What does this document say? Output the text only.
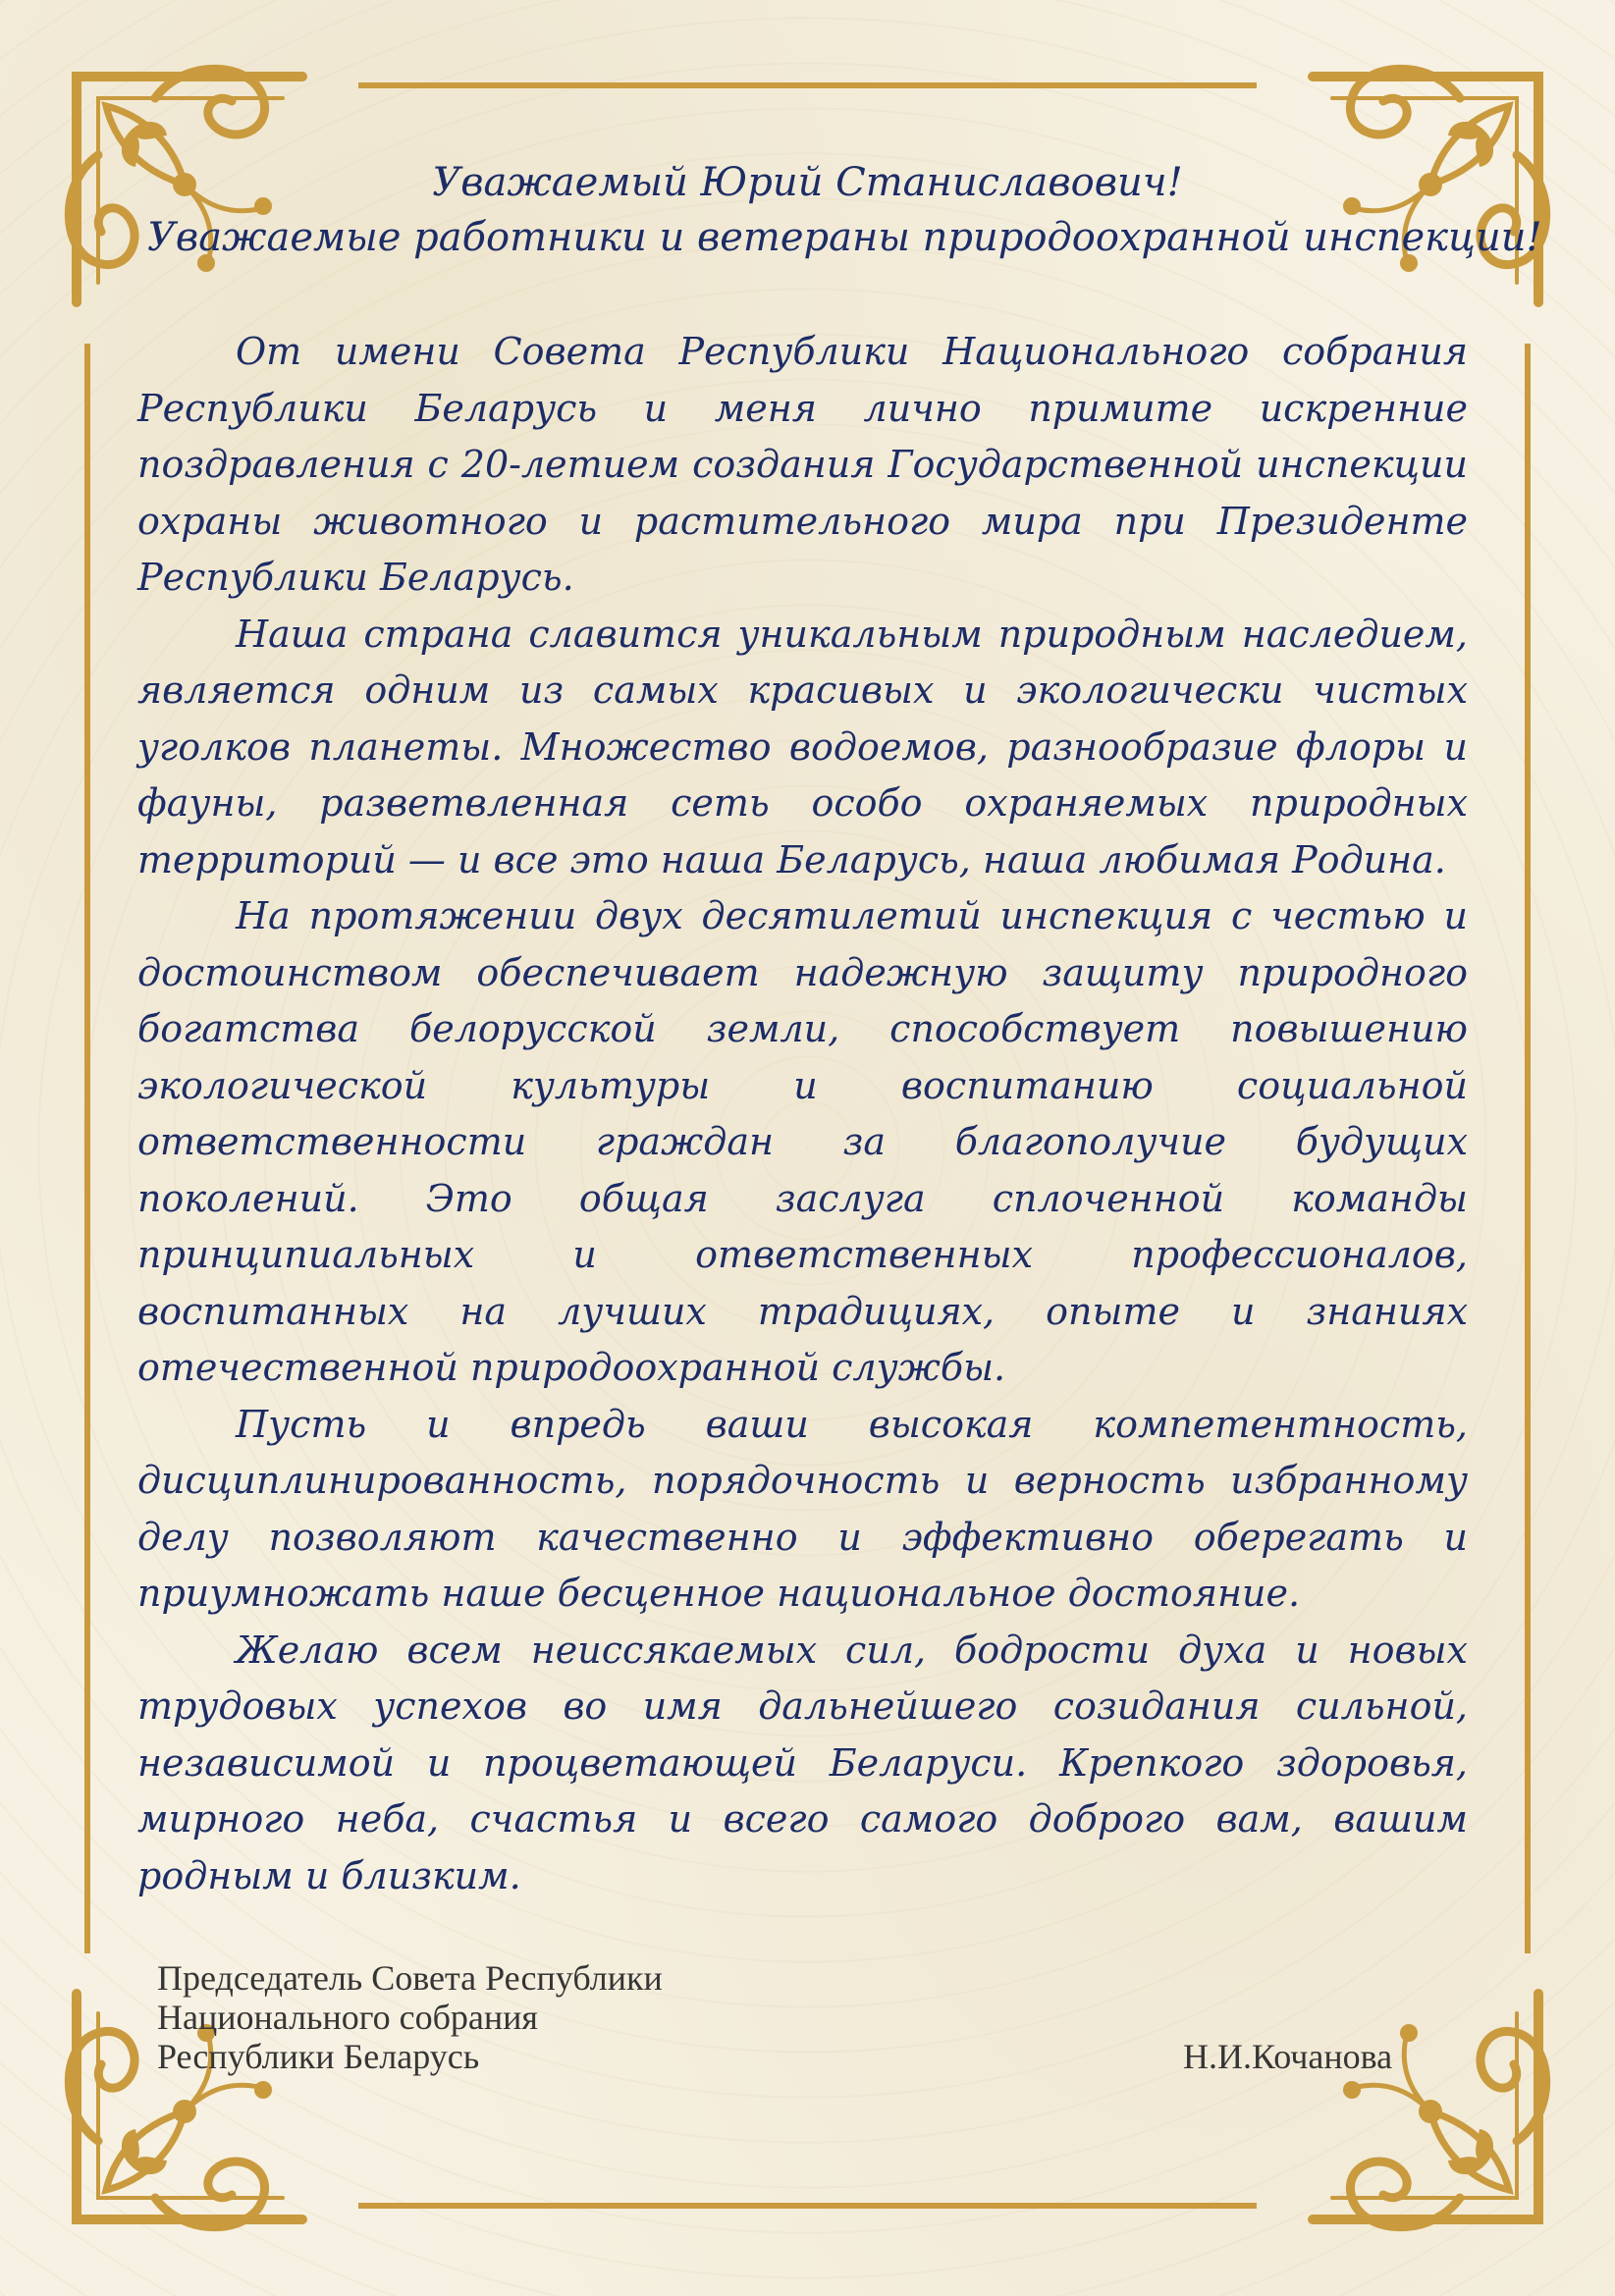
Уважаемый Юрий Станиславович!
Уважаемые работники и ветераны природоохранной инспекции!

От имени Совета Республики Национального собрания Республики Беларусь и меня лично примите искренние поздравления с 20-летием создания Государственной инспекции охраны животного и растительного мира при Президенте Республики Беларусь.

Наша страна славится уникальным природным наследием, является одним из самых красивых и экологически чистых уголков планеты. Множество водоемов, разнообразие флоры и фауны, разветвленная сеть особо охраняемых природных территорий — и все это наша Беларусь, наша любимая Родина.

На протяжении двух десятилетий инспекция с честью и достоинством обеспечивает надежную защиту природного богатства белорусской земли, способствует повышению экологической культуры и воспитанию социальной ответственности граждан за благополучие будущих поколений. Это общая заслуга сплоченной команды принципиальных и ответственных профессионалов, воспитанных на лучших традициях, опыте и знаниях отечественной природоохранной службы.

Пусть и впредь ваши высокая компетентность, дисциплинированность, порядочность и верность избранному делу позволяют качественно и эффективно оберегать и приумножать наше бесценное национальное достояние.

Желаю всем неиссякаемых сил, бодрости духа и новых трудовых успехов во имя дальнейшего созидания сильной, независимой и процветающей Беларуси. Крепкого здоровья, мирного неба, счастья и всего самого доброго вам, вашим родным и близким.

Председатель Совета Республики
Национального собрания
Республики Беларусь	Н.И.Кочанова
